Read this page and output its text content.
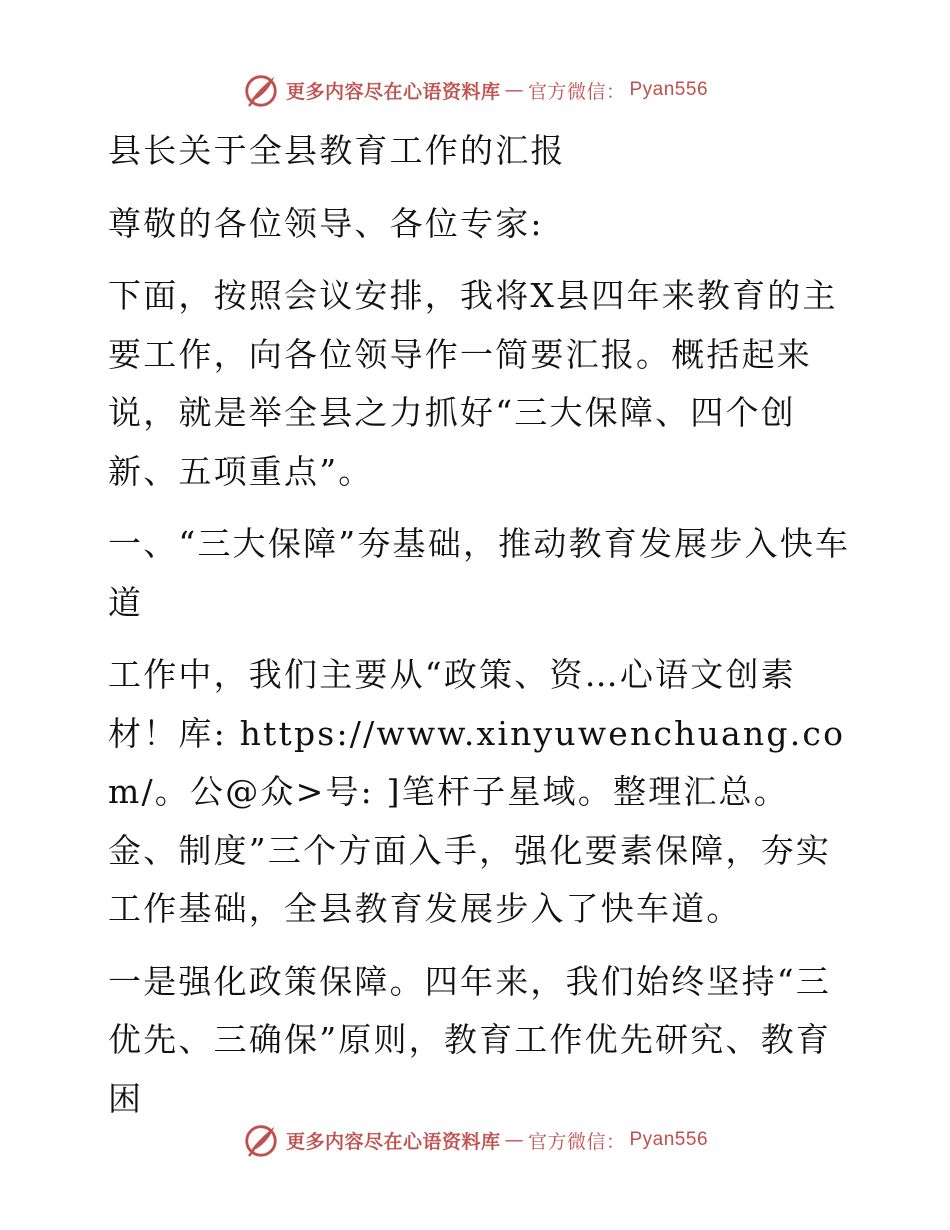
更多内容尽在心语资料库 — 官方微信： Pyan556

县长关于全县教育工作的汇报

尊敬的各位领导、各位专家:

下面，按照会议安排，我将X县四年来教育的主要工作，向各位领导作一简要汇报。概括起来说，就是举全县之力抓好“三大保障、四个创新、五项重点”。

一、“三大保障”夯基础，推动教育发展步入快车道

工作中，我们主要从“政策、资…心语文创素材！库: https://www.xinyuwenchuang.com/。公@众>号: ]笔杆子星域。整理汇总。金、制度”三个方面入手，强化要素保障，夯实工作基础，全县教育发展步入了快车道。

一是强化政策保障。四年来，我们始终坚持“三优先、三确保”原则，教育工作优先研究、教育困

更多内容尽在心语资料库 — 官方微信： Pyan556
